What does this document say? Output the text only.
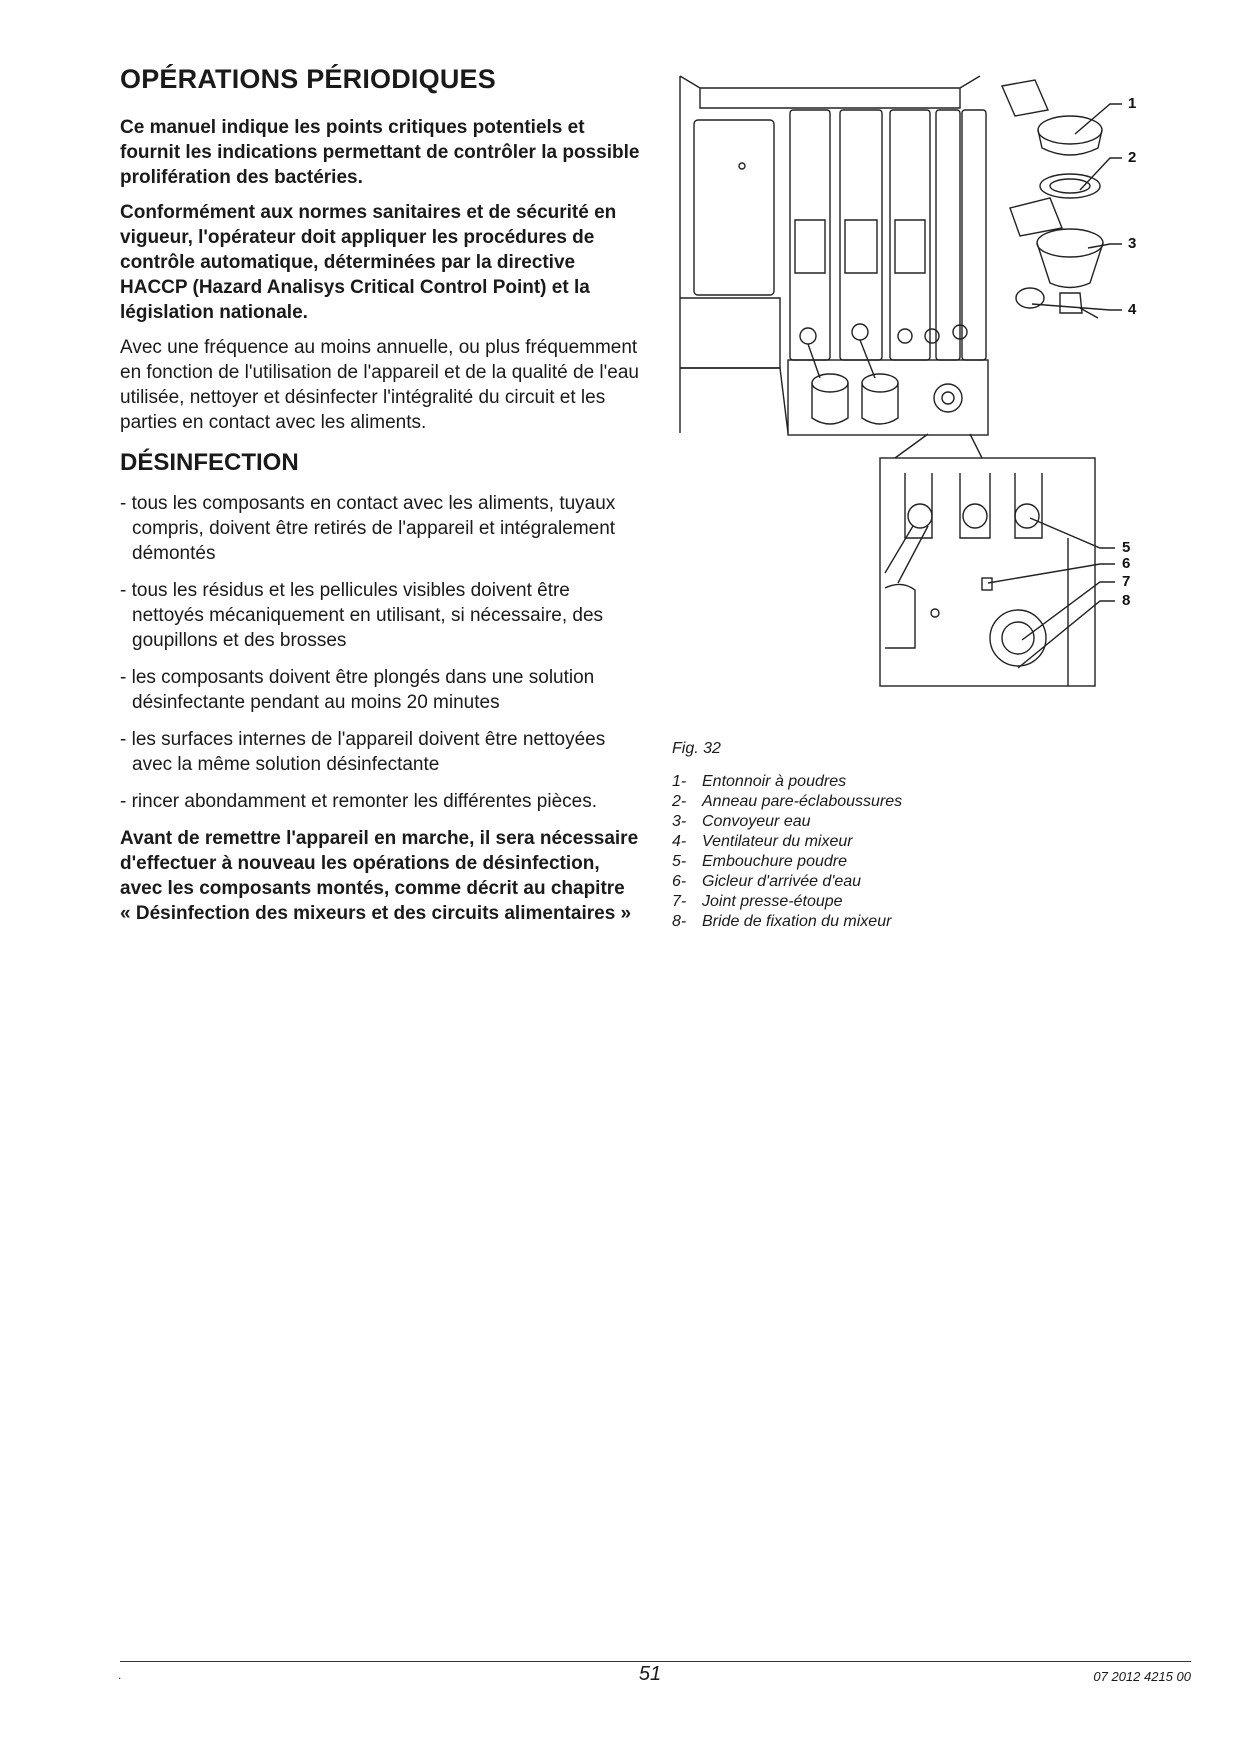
OPÉRATIONS PÉRIODIQUES

Ce manuel indique les points critiques potentiels et fournit les indications permettant de contrôler la possible prolifération des bactéries.

Conformément aux normes sanitaires et de sécurité en vigueur, l'opérateur doit appliquer les procédures de contrôle automatique, déterminées par la directive HACCP (Hazard Analisys Critical Control Point) et la législation nationale.

Avec une fréquence au moins annuelle, ou plus fréquemment en fonction de l'utilisation de l'appareil et de la qualité de l'eau utilisée, nettoyer et désinfecter l'intégralité du circuit et les parties en contact avec les aliments.

DÉSINFECTION
- tous les composants en contact avec les aliments, tuyaux compris, doivent être retirés de l'appareil et intégralement démontés
- tous les résidus et les pellicules visibles doivent être nettoyés mécaniquement en utilisant, si nécessaire, des goupillons et des brosses
- les composants doivent être plongés dans une solution désinfectante pendant au moins 20 minutes
- les surfaces internes de l'appareil doivent être nettoyées avec la même solution désinfectante
- rincer abondamment et remonter les différentes pièces.

Avant de remettre l'appareil en marche, il sera nécessaire d'effectuer à nouveau les opérations de désinfection, avec les composants montés, comme décrit au chapitre « Désinfection des mixeurs et des circuits alimentaires »

1
2
3
4
5
6
7
8
Fig. 32
1- Entonnoir à poudres
2- Anneau pare-éclaboussures
3- Convoyeur eau
4- Ventilateur du mixeur
5- Embouchure poudre
6- Gicleur d'arrivée d'eau
7- Joint presse-étoupe
8- Bride de fixation du mixeur
.	51	07 2012 4215 00
